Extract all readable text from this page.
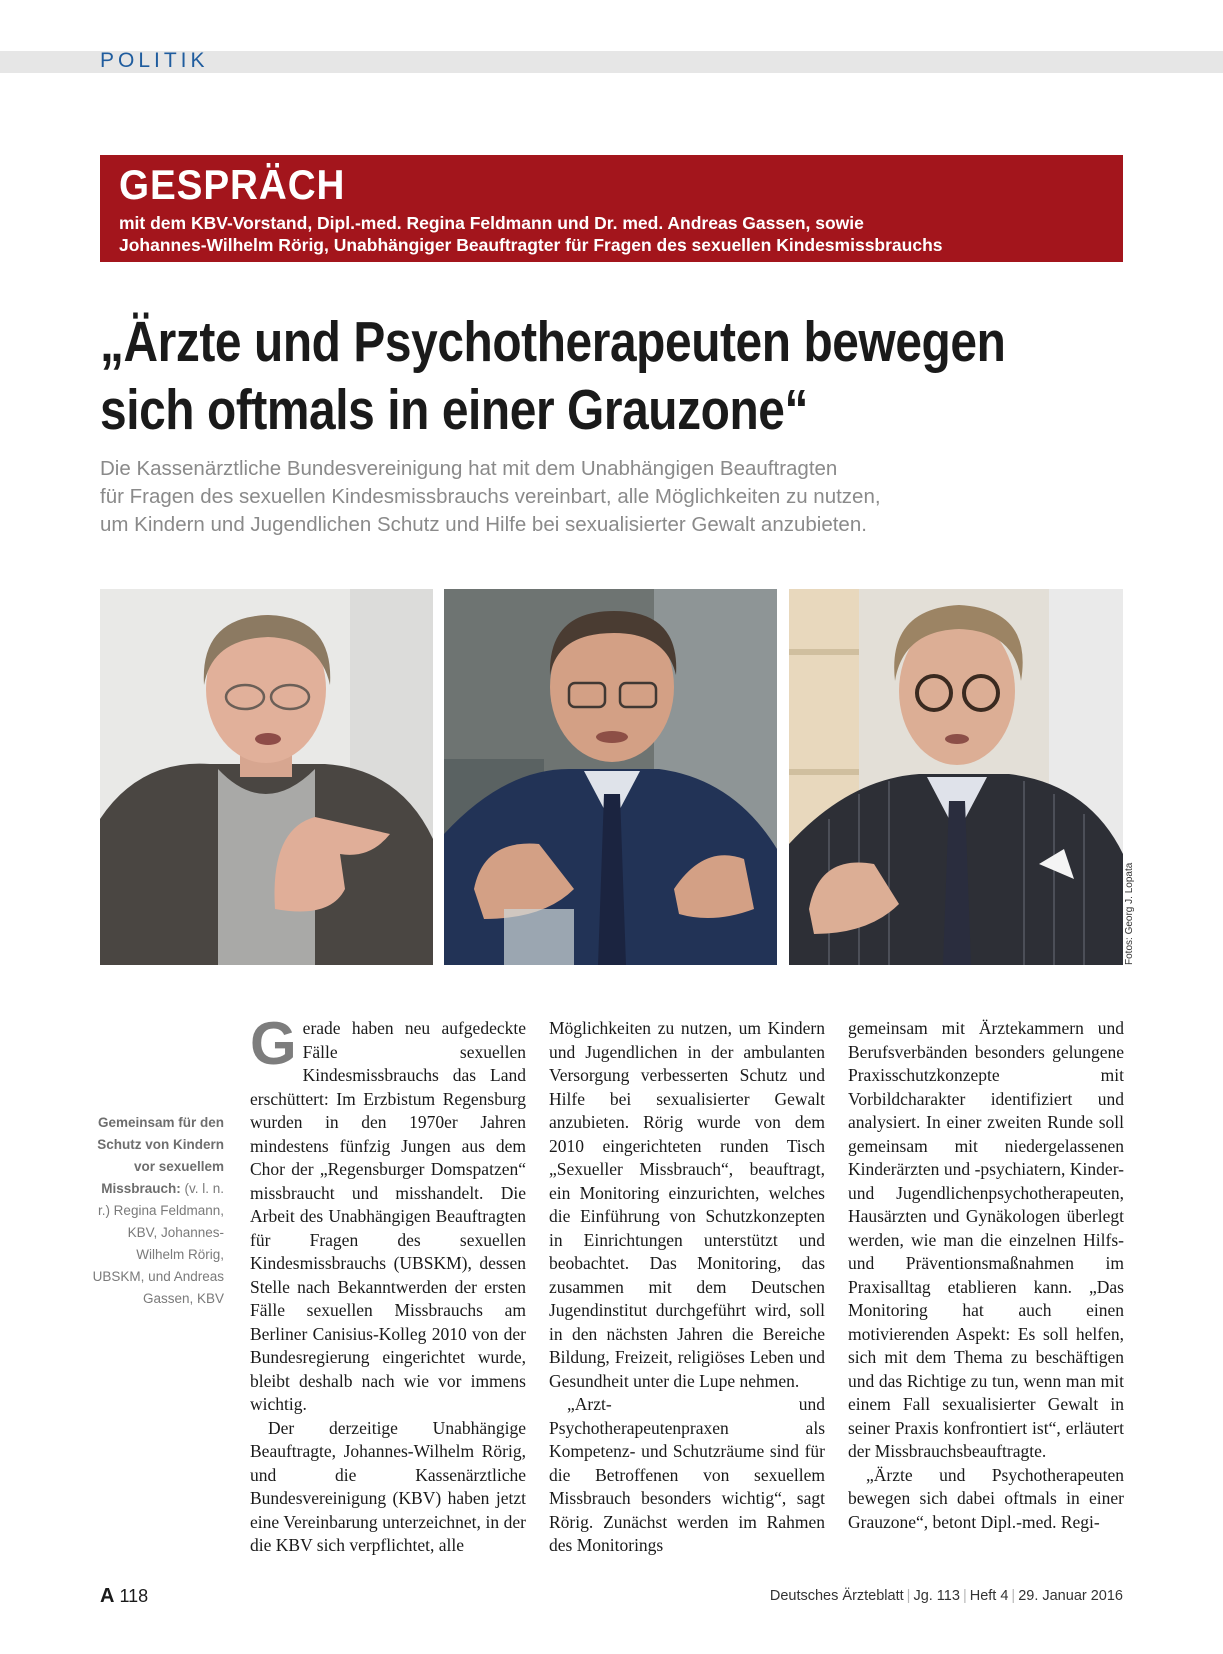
POLITIK
GESPRÄCH
mit dem KBV-Vorstand, Dipl.-med. Regina Feldmann und Dr. med. Andreas Gassen, sowie
Johannes-Wilhelm Rörig, Unabhängiger Beauftragter für Fragen des sexuellen Kindesmissbrauchs
„Ärzte und Psychotherapeuten bewegen
sich oftmals in einer Grauzone“
Die Kassenärztliche Bundesvereinigung hat mit dem Unabhängigen Beauftragten
für Fragen des sexuellen Kindesmissbrauchs vereinbart, alle Möglichkeiten zu nutzen,
um Kindern und Jugendlichen Schutz und Hilfe bei sexualisierter Gewalt anzubieten.
Fotos: Georg J. Lopata
Gemeinsam für den Schutz von Kindern vor sexuellem Missbrauch: (v. l. n. r.) Regina Feldmann, KBV, Johannes-Wilhelm Rörig, UBSKM, und Andreas Gassen, KBV

Gerade haben neu aufgedeckte Fälle sexuellen Kindesmissbrauchs das Land erschüttert: Im Erzbistum Regensburg wurden in den 1970er Jahren mindestens fünfzig Jungen aus dem Chor der „Regensburger Domspatzen“ missbraucht und misshandelt. Die Arbeit des Unabhängigen Beauftragten für Fragen des sexuellen Kindesmissbrauchs (UBSKM), dessen Stelle nach Bekanntwerden der ersten Fälle sexuellen Missbrauchs am Berliner Canisius-Kolleg 2010 von der Bundesregierung eingerichtet wurde, bleibt deshalb nach wie vor immens wichtig.

Der derzeitige Unabhängige Beauftragte, Johannes-Wilhelm Rörig, und die Kassenärztliche Bundesvereinigung (KBV) haben jetzt eine Vereinbarung unterzeichnet, in der die KBV sich verpflichtet, alle

Möglichkeiten zu nutzen, um Kindern und Jugendlichen in der ambulanten Versorgung verbesserten Schutz und Hilfe bei sexualisierter Gewalt anzubieten. Rörig wurde von dem 2010 eingerichteten runden Tisch „Sexueller Missbrauch“, beauftragt, ein Monitoring einzurichten, welches die Einführung von Schutzkonzepten in Einrichtungen unterstützt und beobachtet. Das Monitoring, das zusammen mit dem Deutschen Jugendinstitut durchgeführt wird, soll in den nächsten Jahren die Bereiche Bildung, Freizeit, religiöses Leben und Gesundheit unter die Lupe nehmen.

„Arzt- und Psychotherapeutenpraxen als Kompetenz- und Schutzräume sind für die Betroffenen von sexuellem Missbrauch besonders wichtig“, sagt Rörig. Zunächst werden im Rahmen des Monitorings

gemeinsam mit Ärztekammern und Berufsverbänden besonders gelungene Praxisschutzkonzepte mit Vorbildcharakter identifiziert und analysiert. In einer zweiten Runde soll gemeinsam mit niedergelassenen Kinderärzten und -psychiatern, Kinder- und Jugendlichenpsychotherapeuten, Hausärzten und Gynäkologen überlegt werden, wie man die einzelnen Hilfs- und Präventionsmaßnahmen im Praxisalltag etablieren kann. „Das Monitoring hat auch einen motivierenden Aspekt: Es soll helfen, sich mit dem Thema zu beschäftigen und das Richtige zu tun, wenn man mit einem Fall sexualisierter Gewalt in seiner Praxis konfrontiert ist“, erläutert der Missbrauchsbeauftragte.

„Ärzte und Psychotherapeuten bewegen sich dabei oftmals in einer Grauzone“, betont Dipl.-med. Regi-

A 118	Deutsches Ärzteblatt | Jg. 113 | Heft 4 | 29. Januar 2016
